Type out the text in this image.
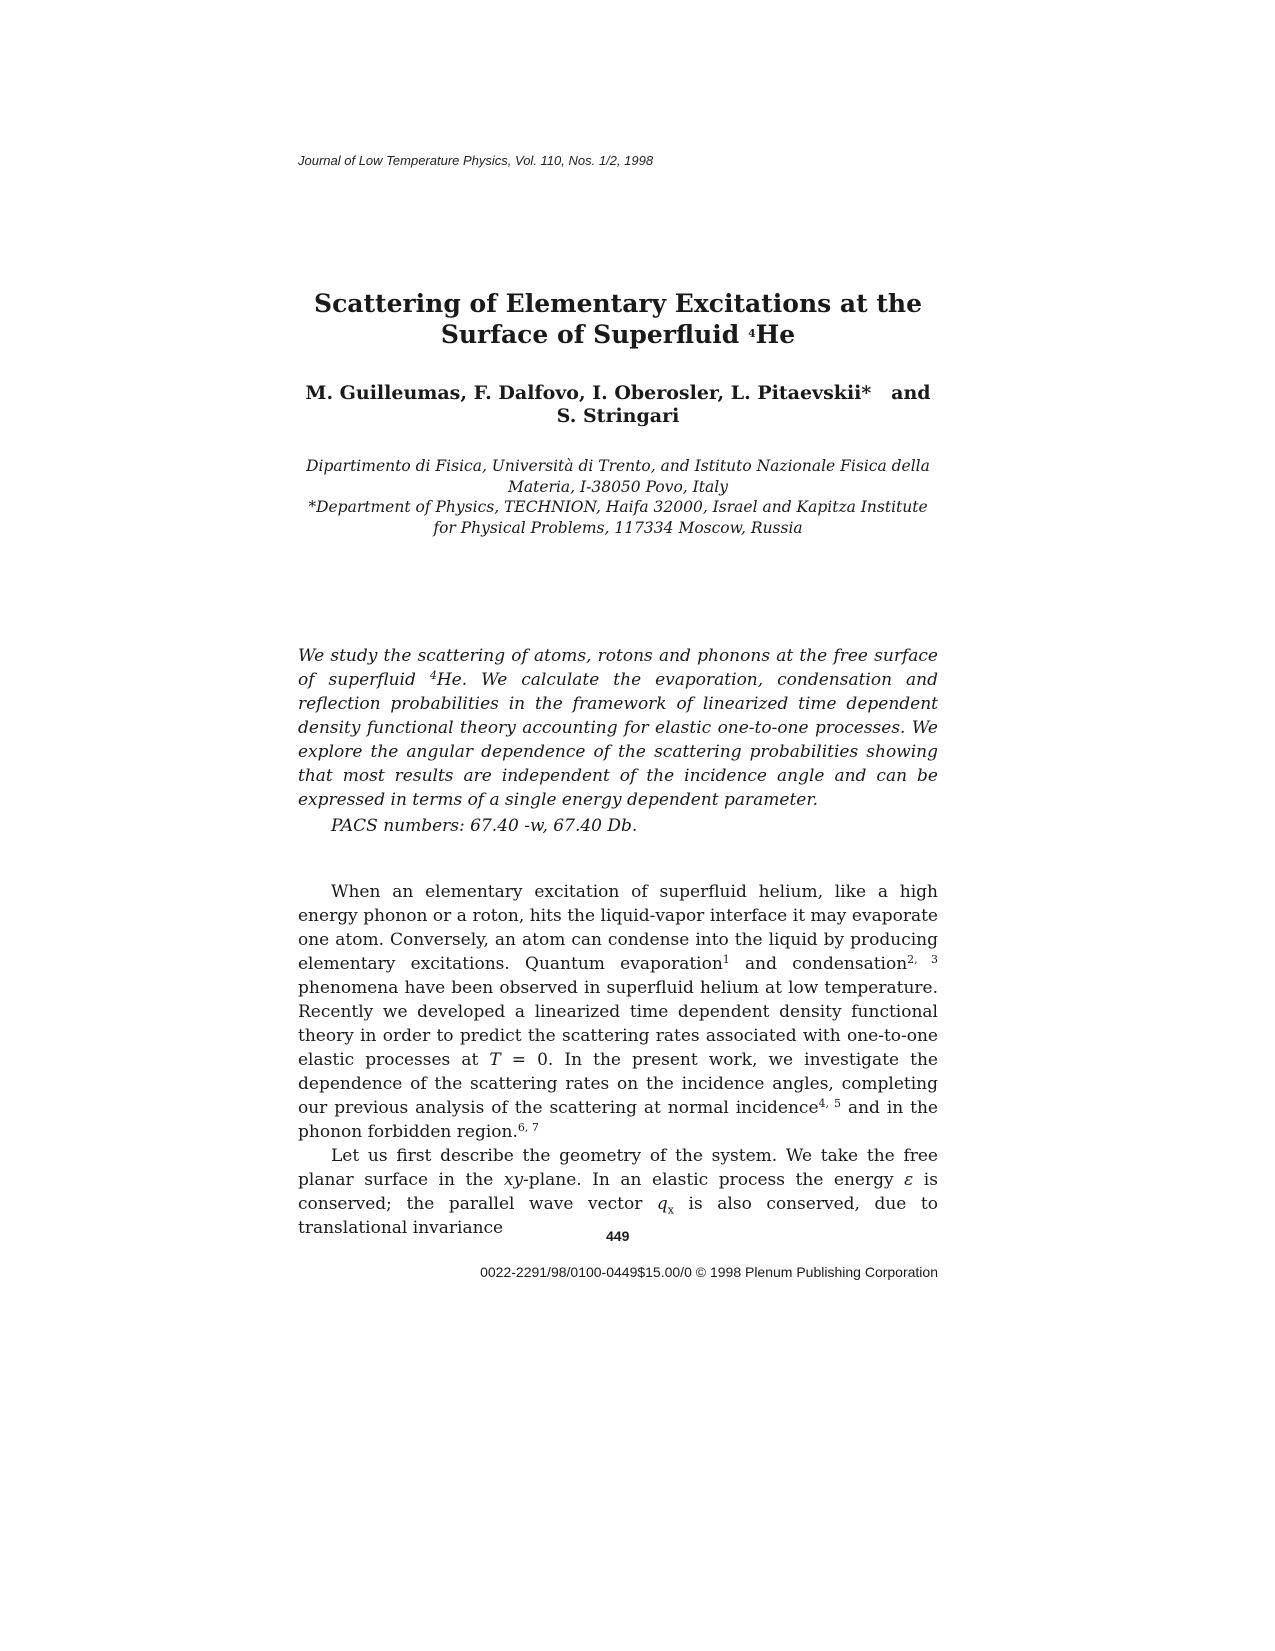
Journal of Low Temperature Physics, Vol. 110, Nos. 1/2, 1998
Scattering of Elementary Excitations at the
Surface of Superfluid $^4$He
M. Guilleumas, F. Dalfovo, I. Oberosler, L. Pitaevskii*   and
S. Stringari
Dipartimento di Fisica, Università di Trento, and Istituto Nazionale Fisica della
Materia, I-38050 Povo, Italy
*Department of Physics, TECHNION, Haifa 32000, Israel and Kapitza Institute
for Physical Problems, 117334 Moscow, Russia
We study the scattering of atoms, rotons and phonons at the free surface of superfluid $^4$He. We calculate the evaporation, condensation and reflection probabilities in the framework of linearized time dependent density functional theory accounting for elastic one-to-one processes. We explore the angular dependence of the scattering probabilities showing that most results are independent of the incidence angle and can be expressed in terms of a single energy dependent parameter.
PACS numbers: 67.40 -w, 67.40 Db.

When an elementary excitation of superfluid helium, like a high energy phonon or a roton, hits the liquid-vapor interface it may evaporate one atom. Conversely, an atom can condense into the liquid by producing elementary excitations. Quantum evaporation$^1$ and condensation$^{2, 3}$ phenomena have been observed in superfluid helium at low temperature. Recently we developed a linearized time dependent density functional theory in order to predict the scattering rates associated with one-to-one elastic processes at T = 0. In the present work, we investigate the dependence of the scattering rates on the incidence angles, completing our previous analysis of the scattering at normal incidence$^{4, 5}$ and in the phonon forbidden region.$^{6, 7}$

Let us first describe the geometry of the system. We take the free planar surface in the xy-plane. In an elastic process the energy ε is conserved; the parallel wave vector $q_x$ is also conserved, due to translational invariance	449
0022-2291/98/0100-0449$15.00/0 © 1998 Plenum Publishing Corporation
